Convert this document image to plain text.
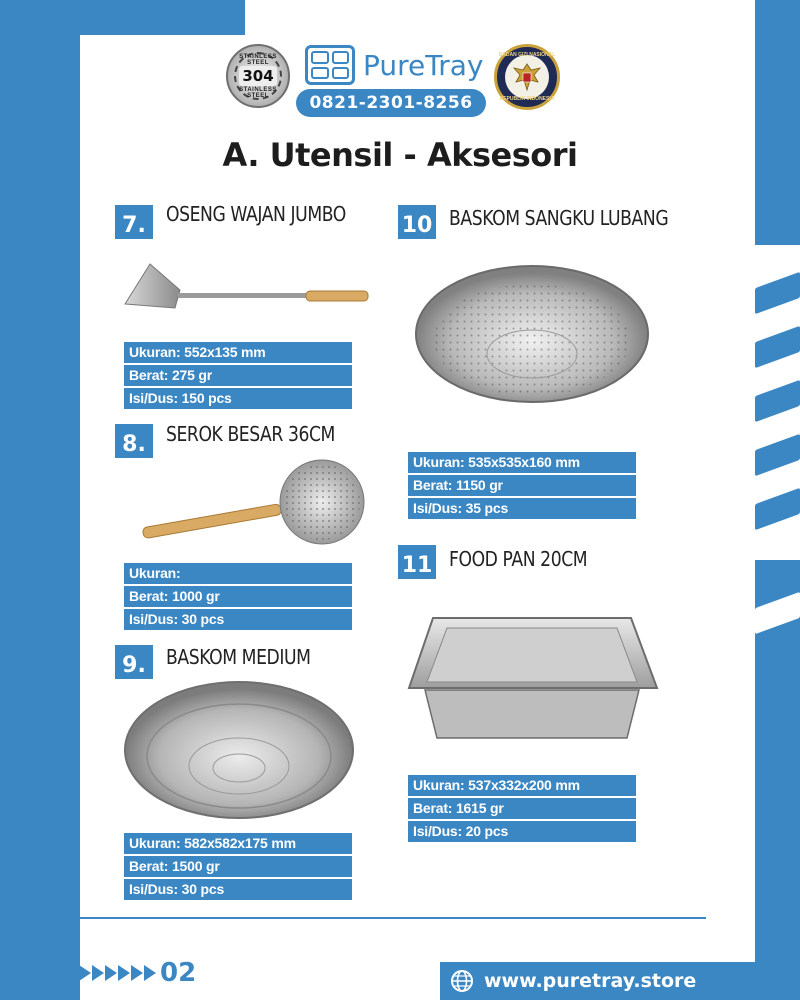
STAINLESS STEEL
304
STAINLESS STEEL
PureTray
0821-2301-8256
BADAN GIZI NASIONAL
REPUBLIK INDONESIA
A. Utensil - Aksesori
7.	OSENG WAJAN JUMBO
Ukuran: 552x135 mm
Berat: 275 gr
Isi/Dus: 150 pcs
8.	SEROK BESAR 36CM
Ukuran:
Berat: 1000 gr
Isi/Dus: 30 pcs
9.	BASKOM MEDIUM
Ukuran: 582x582x175 mm
Berat: 1500 gr
Isi/Dus: 30 pcs
10 BASKOM SANGKU LUBANG
Ukuran: 535x535x160 mm
Berat: 1150 gr
Isi/Dus: 35 pcs
11 FOOD PAN 20CM
Ukuran: 537x332x200 mm
Berat: 1615 gr
Isi/Dus: 20 pcs
02	www.puretray.store
